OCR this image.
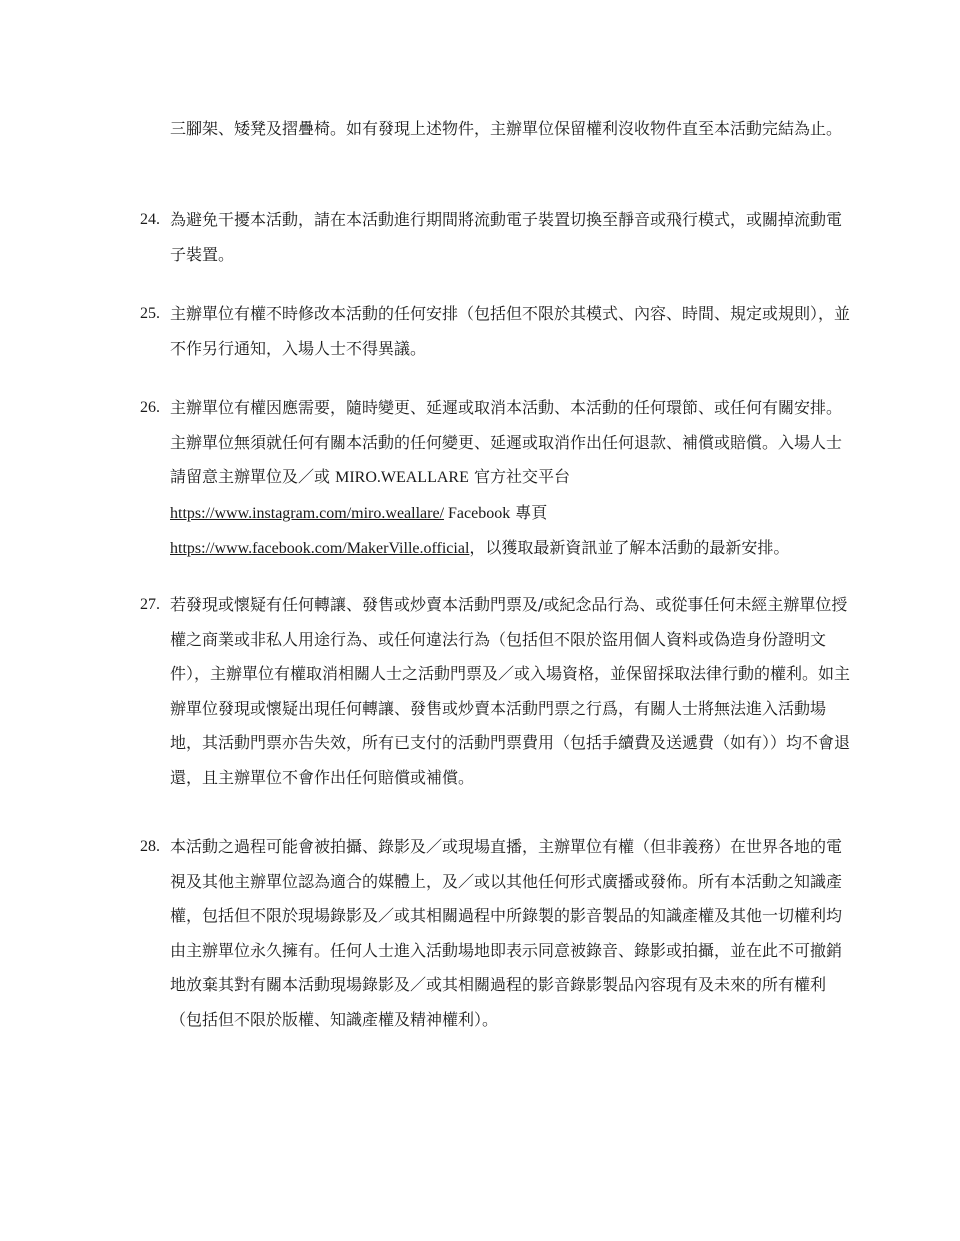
三腳架、矮凳及摺疊椅。如有發現上述物件，主辦單位保留權利沒收物件直至本活動完結為止。

24. 為避免干擾本活動，請在本活動進行期間將流動電子裝置切換至靜音或飛行模式，或關掉流動電子裝置。
25. 主辦單位有權不時修改本活動的任何安排（包括但不限於其模式、內容、時間、規定或規則），並不作另行通知，入場人士不得異議。
26. 主辦單位有權因應需要，隨時變更、延遲或取消本活動、本活動的任何環節、或任何有關安排。主辦單位無須就任何有關本活動的任何變更、延遲或取消作出任何退款、補償或賠償。入場人士請留意主辦單位及／或 MIRO.WEALLARE 官方社交平台
https://www.instagram.com/miro.weallare/ Facebook 專頁
https://www.facebook.com/MakerVille.official，以獲取最新資訊並了解本活動的最新安排。
27. 若發現或懷疑有任何轉讓、發售或炒賣本活動門票及/或紀念品行為、或從事任何未經主辦單位授權之商業或非私人用途行為、或任何違法行為（包括但不限於盜用個人資料或偽造身份證明文件），主辦單位有權取消相關人士之活動門票及／或入場資格，並保留採取法律行動的權利。如主辦單位發現或懷疑出現任何轉讓、發售或炒賣本活動門票之行爲，有關人士將無法進入活動場地，其活動門票亦告失效，所有已支付的活動門票費用（包括手續費及送遞費（如有））均不會退還，且主辦單位不會作出任何賠償或補償。
28. 本活動之過程可能會被拍攝、錄影及／或現場直播，主辦單位有權（但非義務）在世界各地的電視及其他主辦單位認為適合的媒體上，及／或以其他任何形式廣播或發佈。所有本活動之知識產權，包括但不限於現場錄影及／或其相關過程中所錄製的影音製品的知識產權及其他一切權利均由主辦單位永久擁有。任何人士進入活動場地即表示同意被錄音、錄影或拍攝，並在此不可撤銷地放棄其對有關本活動現場錄影及／或其相關過程的影音錄影製品內容現有及未來的所有權利（包括但不限於版權、知識產權及精神權利）。
